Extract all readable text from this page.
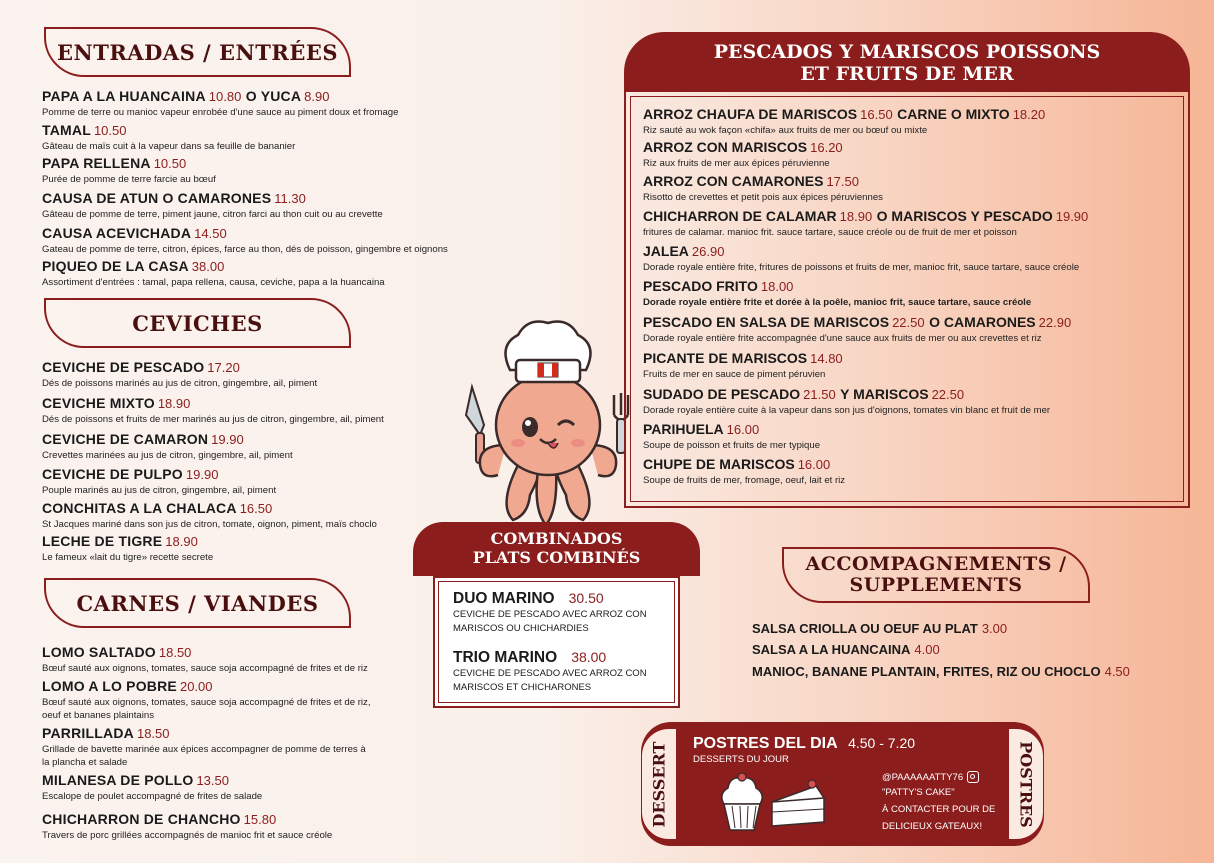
ENTRADAS / ENTRÉES
PAPA A LA HUANCAINA 10.80 O YUCA 8.90
Pomme de terre ou manioc vapeur enrobée d'une sauce au piment doux et fromage
TAMAL 10.50
Gâteau de maïs cuit à la vapeur dans sa feuille de bananier
PAPA RELLENA 10.50
Purée de pomme de terre farcie au bœuf
CAUSA DE ATUN O CAMARONES 11.30
Gâteau de pomme de terre, piment jaune, citron farci au thon cuit ou au crevette
CAUSA ACEVICHADA 14.50
Gateau de pomme de terre, citron, épices, farce au thon, dés de poisson, gingembre et oignons
PIQUEO DE LA CASA 38.00
Assortiment d'entrées : tamal, papa rellena, causa, ceviche, papa a la huancaina
CEVICHES
CEVICHE DE PESCADO 17.20
Dés de poissons marinés au jus de citron, gingembre, ail, piment
CEVICHE MIXTO 18.90
Dés de poissons et fruits de mer marinés au jus de citron, gingembre, ail, piment
CEVICHE DE CAMARON 19.90
Crevettes marinées au jus de citron, gingembre, ail, piment
CEVICHE DE PULPO 19.90
Pouple marinés au jus de citron, gingembre, ail, piment
CONCHITAS A LA CHALACA 16.50
St Jacques mariné dans son jus de citron, tomate, oignon, piment, maïs choclo
LECHE DE TIGRE 18.90
Le fameux «lait du tigre» recette secrete
CARNES / VIANDES
LOMO SALTADO 18.50
Bœuf sauté aux oignons, tomates, sauce soja accompagné de frites et de riz
LOMO A LO POBRE 20.00
Bœuf sauté aux oignons, tomates, sauce soja accompagné de frites et de riz,
oeuf et bananes plaintains
PARRILLADA 18.50
Grillade de bavette marinée aux épices accompagner de pomme de terres à
la plancha et salade
MILANESA DE POLLO 13.50
Escalope de poulet accompagné de frites de salade
CHICHARRON DE CHANCHO 15.80
Travers de porc grillées accompagnés de manioc frit et sauce créole
PESCADOS Y MARISCOS POISSONS
ET FRUITS DE MER
ARROZ CHAUFA DE MARISCOS 16.50 CARNE O MIXTO 18.20
Riz sauté au wok façon «chifa» aux fruits de mer ou bœuf ou mixte
ARROZ CON MARISCOS 16.20
Riz aux fruits de mer aux épices péruvienne
ARROZ CON CAMARONES 17.50
Risotto de crevettes et petit pois aux épices péruviennes
CHICHARRON DE CALAMAR 18.90 O MARISCOS Y PESCADO 19.90
fritures de calamar. manioc frit. sauce tartare, sauce créole ou de fruit de mer et poisson
JALEA 26.90
Dorade royale entière frite, fritures de poissons et fruits de mer, manioc frit, sauce tartare, sauce créole
PESCADO FRITO 18.00
Dorade royale entière frite et dorée à la poêle, manioc frit, sauce tartare, sauce créole
PESCADO EN SALSA DE MARISCOS 22.50 O CAMARONES 22.90
Dorade royale entière frite accompagnée d'une sauce aux fruits de mer ou aux crevettes et riz
PICANTE DE MARISCOS 14.80
Fruits de mer en sauce de piment péruvien
SUDADO DE PESCADO 21.50 Y MARISCOS 22.50
Dorade royale entière cuite à la vapeur dans son jus d'oignons, tomates vin blanc et fruit de mer
PARIHUELA 16.00
Soupe de poisson et fruits de mer typique
CHUPE DE MARISCOS 16.00
Soupe de fruits de mer, fromage, oeuf, lait et riz
COMBINADOS
PLATS COMBINÉS
DUO MARINO 30.50
CEVICHE DE PESCADO AVEC ARROZ CON
MARISCOS OU CHICHARDIES
TRIO MARINO 38.00
CEVICHE DE PESCADO AVEC ARROZ CON
MARISCOS ET CHICHARONES
ACCOMPAGNEMENTS /
SUPPLEMENTS
SALSA CRIOLLA OU OEUF AU PLAT 3.00
SALSA A LA HUANCAINA 4.00
MANIOC, BANANE PLANTAIN, FRITES, RIZ OU CHOCLO 4.50
DESSERT	POSTRES
POSTRES DEL DIA 4.50 - 7.20
DESSERTS DU JOUR
@PAAAAAATTY76
"PATTY'S CAKE"
À CONTACTER POUR DE
DELICIEUX GATEAUX!
